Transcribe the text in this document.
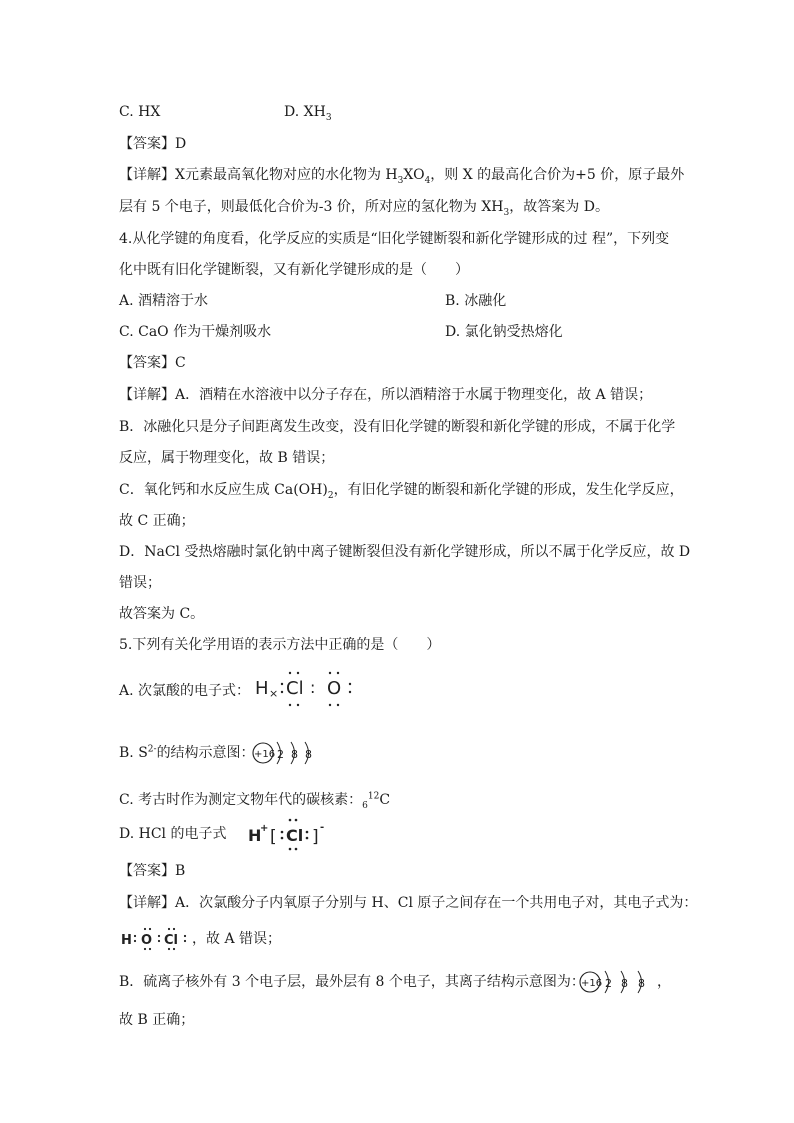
C. HX	D. $XH_3$
【答案】D
【详解】X元素最高氧化物对应的水化物为 $H_3XO_4$，则 X 的最高化合价为+5 价，原子最外
层有 5 个电子，则最低化合价为-3 价，所对应的氢化物为 $XH_3$，故答案为 D。
4.从化学键的角度看，化学反应的实质是“旧化学键断裂和新化学键形成的过 程”，下列变
化中既有旧化学键断裂，又有新化学键形成的是（　　）
A. 酒精溶于水	B. 冰融化
C. CaO 作为干燥剂吸水	D. 氯化钠受热熔化
【答案】C
【详解】A．酒精在水溶液中以分子存在，所以酒精溶于水属于物理变化，故 A 错误；
B．冰融化只是分子间距离发生改变，没有旧化学键的断裂和新化学键的形成，不属于化学
反应，属于物理变化，故 B 错误；
C．氧化钙和水反应生成 $Ca(OH)_2$，有旧化学键的断裂和新化学键的形成，发生化学反应，
故 C 正确；
D．NaCl 受热熔融时氯化钠中离子键断裂但没有新化学键形成，所以不属于化学反应，故 D
错误；
故答案为 C。
5.下列有关化学用语的表示方法中正确的是（　　）
A. 次氯酸的电子式： H × Cl : O
B. $S^{2-}$的结构示意图： +16 2 8 8
C. 考古时作为测定文物年代的碳核素：$_6^{12}$C
D. HCl 的电子式 H
+ [ Cl ] -
【答案】B
【详解】A．次氯酸分子内氧原子分别与 H、Cl 原子之间存在一个共用电子对，其电子式为：
H O Cl ，故 A 错误；
B．硫离子核外有 3 个电子层，最外层有 8 个电子，其离子结构示意图为：
+16 2 8 8 ，
故 B 正确；
